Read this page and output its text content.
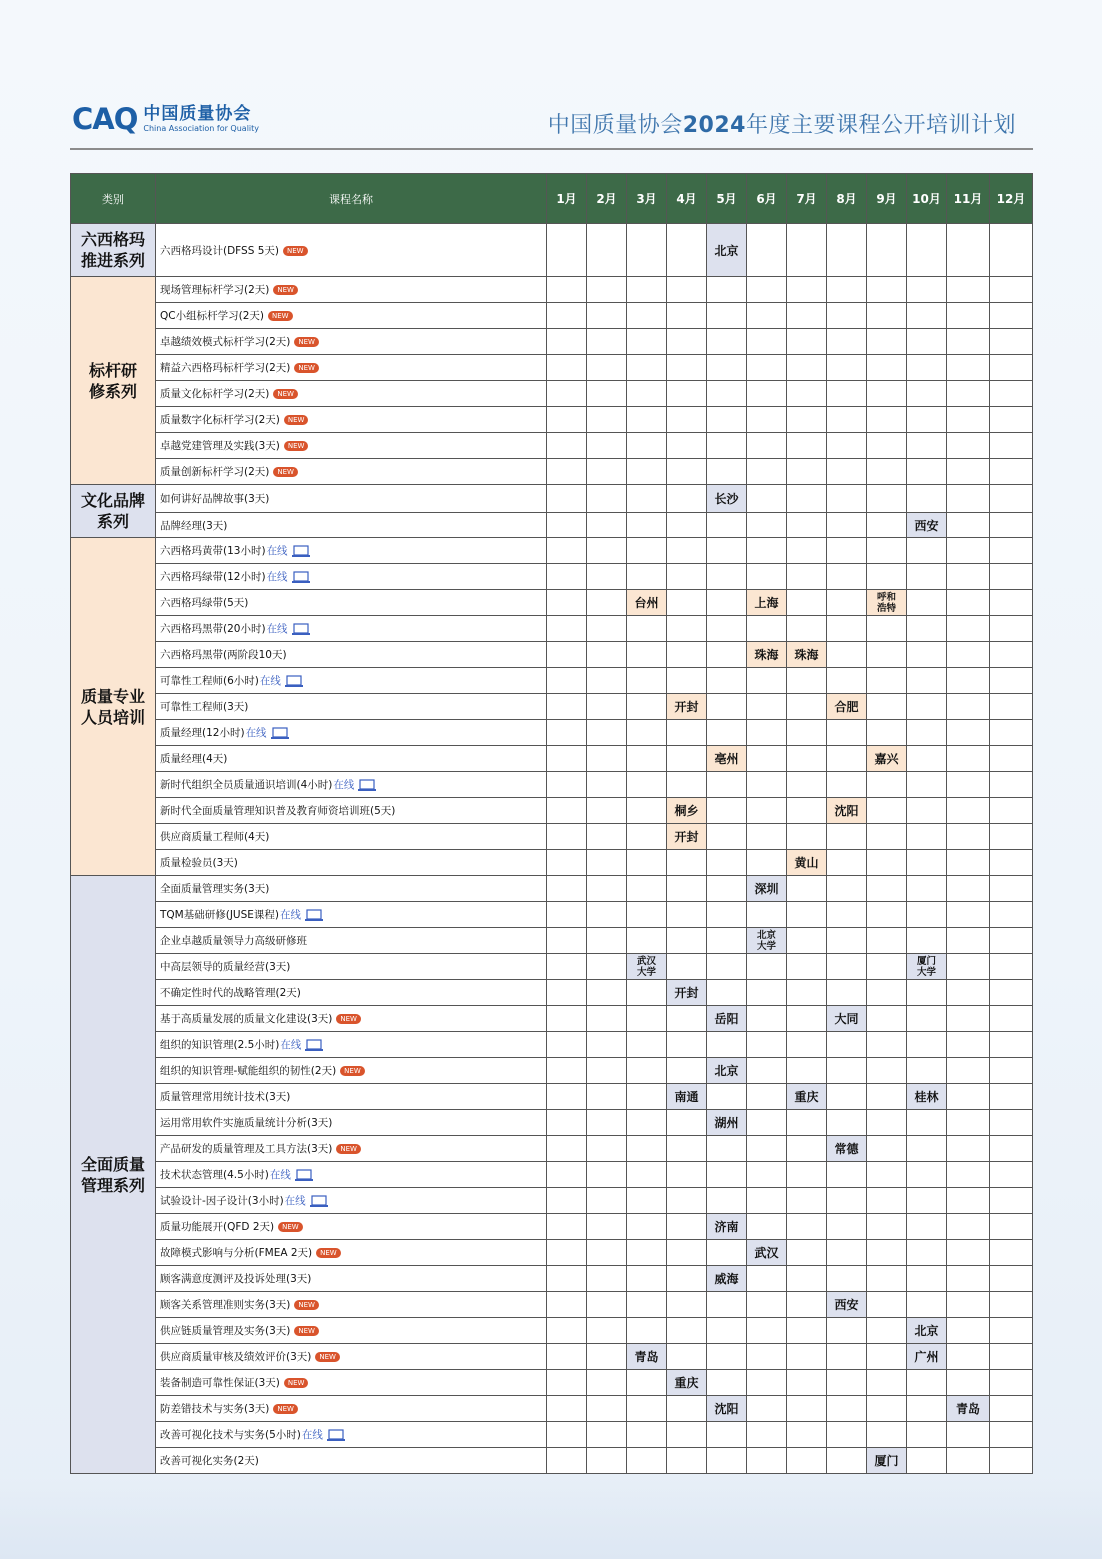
CAQ 中国质量协会
China Association for Quality	中国质量协会2024年度主要课程公开培训计划
类别	课程名称	1月	2月	3月	4月	5月	6月	7月	8月	9月	10月	11月	12月

六西格玛
推进系列	六西格玛设计(DFSS 5天) NEW					北京							

标杆研
修系列	现场管理标杆学习(2天) NEW												
	QC小组标杆学习(2天) NEW												
	卓越绩效模式标杆学习(2天) NEW												
	精益六西格玛标杆学习(2天) NEW												
	质量文化标杆学习(2天) NEW												
	质量数字化标杆学习(2天) NEW												
	卓越党建管理及实践(3天) NEW												
	质量创新标杆学习(2天) NEW												

文化品牌
系列	如何讲好品牌故事(3天)					长沙							
	品牌经理(3天)										西安		

质量专业
人员培训	六西格玛黄带(13小时)在线												
	六西格玛绿带(12小时)在线												
	六西格玛绿带(5天)			台州			上海			呼和浩特			
	六西格玛黑带(20小时)在线												
	六西格玛黑带(两阶段10天)						珠海	珠海					
	可靠性工程师(6小时)在线												
	可靠性工程师(3天)				开封				合肥				
	质量经理(12小时)在线												
	质量经理(4天)					亳州				嘉兴			
	新时代组织全员质量通识培训(4小时)在线												
	新时代全面质量管理知识普及教育师资培训班(5天)				桐乡				沈阳				
	供应商质量工程师(4天)				开封								
	质量检验员(3天)							黄山					

全面质量
管理系列	全面质量管理实务(3天)						深圳						
	TQM基础研修(JUSE课程)在线												
	企业卓越质量领导力高级研修班						北京大学						
	中高层领导的质量经营(3天)			武汉大学							厦门大学		
	不确定性时代的战略管理(2天)				开封								
	基于高质量发展的质量文化建设(3天) NEW					岳阳			大同				
	组织的知识管理(2.5小时)在线												
	组织的知识管理-赋能组织的韧性(2天) NEW					北京							
	质量管理常用统计技术(3天)				南通			重庆			桂林		
	运用常用软件实施质量统计分析(3天)					湖州							
	产品研发的质量管理及工具方法(3天) NEW								常德				
	技术状态管理(4.5小时)在线												
	试验设计-因子设计(3小时)在线												
	质量功能展开(QFD 2天) NEW					济南							
	故障模式影响与分析(FMEA 2天) NEW						武汉						
	顾客满意度测评及投诉处理(3天)					威海							
	顾客关系管理准则实务(3天) NEW								西安				
	供应链质量管理及实务(3天) NEW										北京		
	供应商质量审核及绩效评价(3天) NEW			青岛							广州		
	装备制造可靠性保证(3天) NEW				重庆								
	防差错技术与实务(3天) NEW					沈阳						青岛	
	改善可视化技术与实务(5小时)在线												
	改善可视化实务(2天)									厦门			
